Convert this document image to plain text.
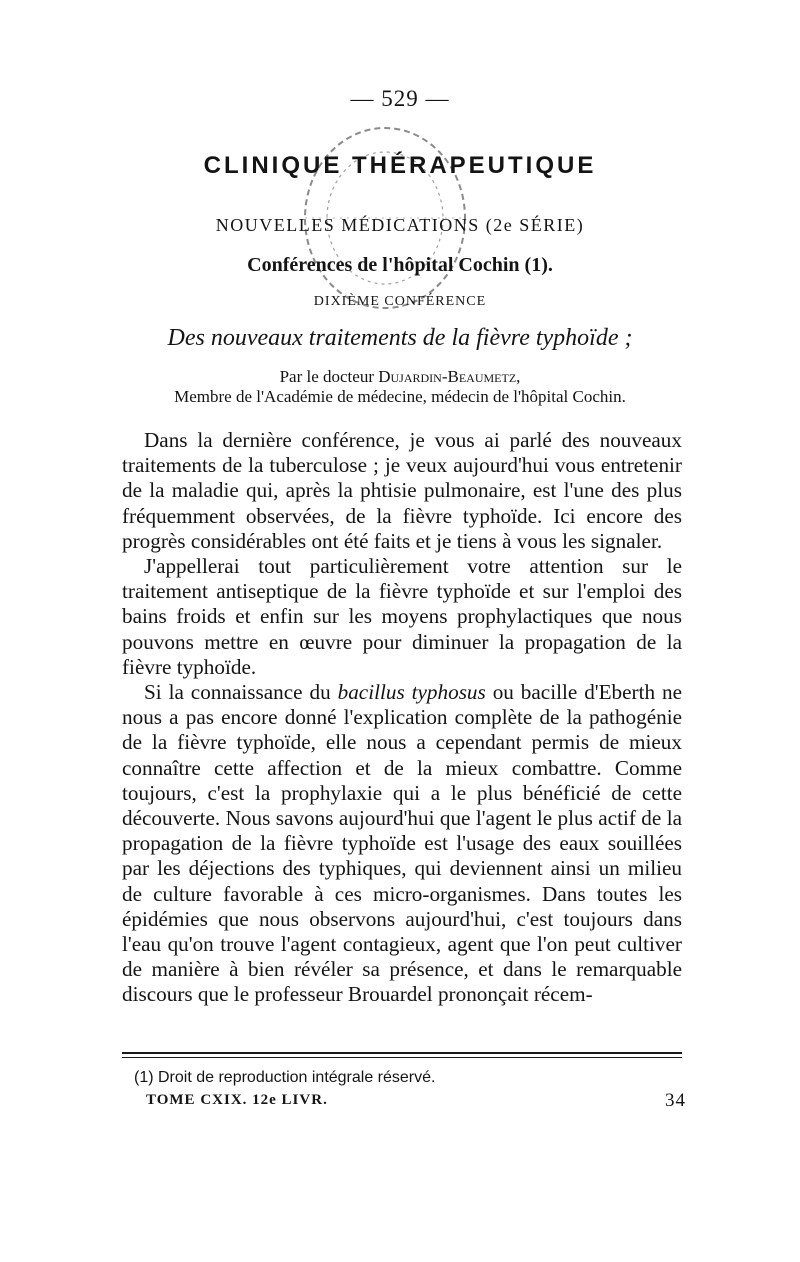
— 529 —
CLINIQUE THÉRAPEUTIQUE
NOUVELLES MÉDICATIONS (2e SÉRIE)
Conférences de l'hôpital Cochin (1).
DIXIÈME CONFÉRENCE
Des nouveaux traitements de la fièvre typhoïde ;
Par le docteur Dujardin-Beaumetz,
Membre de l'Académie de médecine, médecin de l'hôpital Cochin.

Dans la dernière conférence, je vous ai parlé des nouveaux traitements de la tuberculose ; je veux aujourd'hui vous entretenir de la maladie qui, après la phtisie pulmonaire, est l'une des plus fréquemment observées, de la fièvre typhoïde. Ici encore des progrès considérables ont été faits et je tiens à vous les signaler.

J'appellerai tout particulièrement votre attention sur le traitement antiseptique de la fièvre typhoïde et sur l'emploi des bains froids et enfin sur les moyens prophylactiques que nous pouvons mettre en œuvre pour diminuer la propagation de la fièvre typhoïde.

Si la connaissance du bacillus typhosus ou bacille d'Eberth ne nous a pas encore donné l'explication complète de la pathogénie de la fièvre typhoïde, elle nous a cependant permis de mieux connaître cette affection et de la mieux combattre. Comme toujours, c'est la prophylaxie qui a le plus bénéficié de cette découverte. Nous savons aujourd'hui que l'agent le plus actif de la propagation de la fièvre typhoïde est l'usage des eaux souillées par les déjections des typhiques, qui deviennent ainsi un milieu de culture favorable à ces micro-organismes. Dans toutes les épidémies que nous observons aujourd'hui, c'est toujours dans l'eau qu'on trouve l'agent contagieux, agent que l'on peut cultiver de manière à bien révéler sa présence, et dans le remarquable discours que le professeur Brouardel prononçait récem-

(1) Droit de reproduction intégrale réservé.
TOME CXIX. 12e LIVR.	34
